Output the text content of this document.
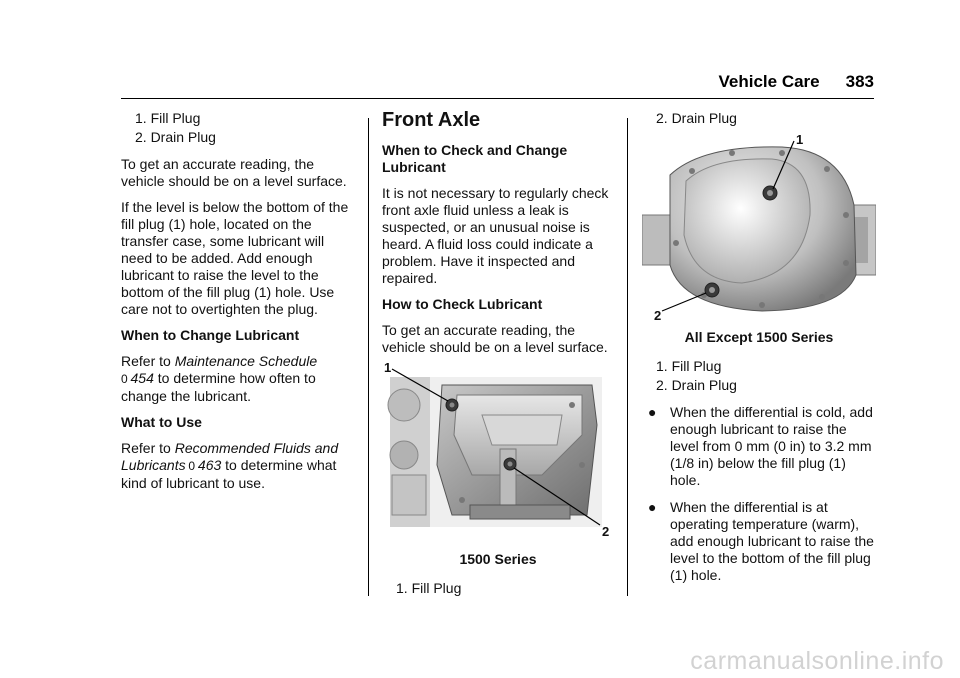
Vehicle Care 383

1. Fill Plug

2. Drain Plug

To get an accurate reading, the vehicle should be on a level surface.

If the level is below the bottom of the fill plug (1) hole, located on the transfer case, some lubricant will need to be added. Add enough lubricant to raise the level to the bottom of the fill plug (1) hole. Use care not to overtighten the plug.

When to Change Lubricant

Refer to Maintenance Schedule
0  454 to determine how often to change the lubricant.

What to Use

Refer to Recommended Fluids and Lubricants  0  463 to determine what kind of lubricant to use.

Front Axle

When to Check and Change Lubricant

It is not necessary to regularly check front axle fluid unless a leak is suspected, or an unusual noise is heard. A fluid loss could indicate a problem. Have it inspected and repaired.

How to Check Lubricant

To get an accurate reading, the vehicle should be on a level surface.

1
2
1500 Series

1. Fill Plug

2. Drain Plug

1
2
All Except 1500 Series

1. Fill Plug

2. Drain Plug

● When the differential is cold, add enough lubricant to raise the level from 0 mm (0 in) to 3.2 mm (1/8 in) below the fill plug (1) hole.
● When the differential is at operating temperature (warm), add enough lubricant to raise the level to the bottom of the fill plug (1) hole.
carmanualsonline.info
